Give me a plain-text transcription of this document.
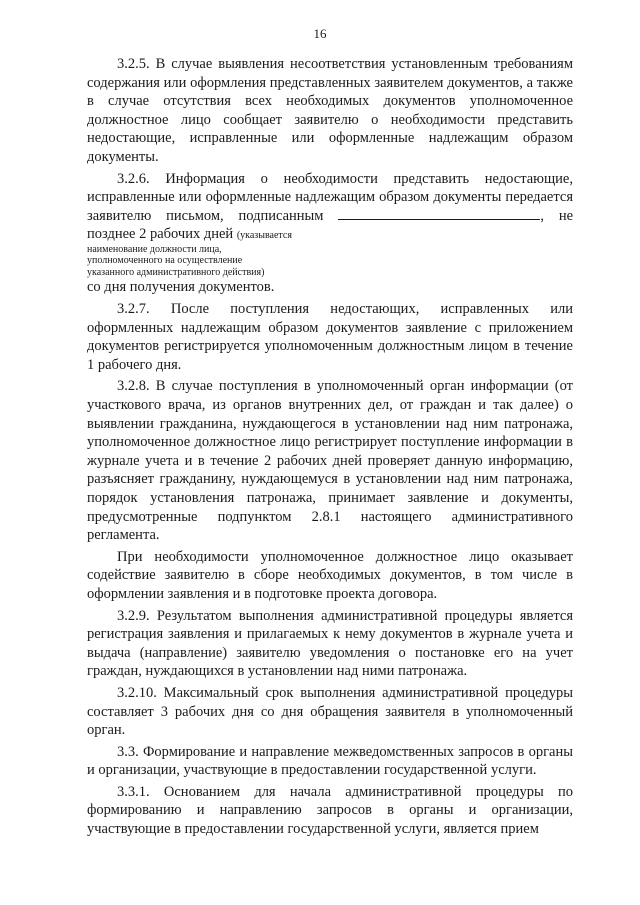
16

3.2.5. В случае выявления несоответствия установленным требованиям содержания или оформления представленных заявителем документов, а также в случае отсутствия всех необходимых документов уполномоченное должностное лицо сообщает заявителю о необходимости представить недостающие, исправленные или оформленные надлежащим образом документы.

3.2.6. Информация о необходимости представить недостающие, исправленные или оформленные надлежащим образом документы передается заявителю письмом, подписанным	, не позднее 2 рабочих дней (указывается

наименование должности лица,

уполномоченного на осуществление

указанного административного действия)

со дня получения документов.

3.2.7. После поступления недостающих, исправленных или оформленных надлежащим образом документов заявление с приложением документов регистрируется уполномоченным должностным лицом в течение 1 рабочего дня.

3.2.8. В случае поступления в уполномоченный орган информации (от участкового врача, из органов внутренних дел, от граждан и так далее) о выявлении гражданина, нуждающегося в установлении над ним патронажа, уполномоченное должностное лицо регистрирует поступление информации в журнале учета и в течение 2 рабочих дней проверяет данную информацию, разъясняет гражданину, нуждающемуся в установлении над ним патронажа, порядок установления патронажа, принимает заявление и документы, предусмотренные подпунктом 2.8.1 настоящего административного регламента.

При необходимости уполномоченное должностное лицо оказывает содействие заявителю в сборе необходимых документов, в том числе в оформлении заявления и в подготовке проекта договора.

3.2.9. Результатом выполнения административной процедуры является регистрация заявления и прилагаемых к нему документов в журнале учета и выдача (направление) заявителю уведомления о постановке его на учет граждан, нуждающихся в установлении над ними патронажа.

3.2.10. Максимальный срок выполнения административной процедуры составляет 3 рабочих дня со дня обращения заявителя в уполномоченный орган.

3.3. Формирование и направление межведомственных запросов в органы и организации, участвующие в предоставлении государственной услуги.

3.3.1. Основанием для начала административной процедуры по формированию и направлению запросов в органы и организации, участвующие в предоставлении государственной услуги, является прием
